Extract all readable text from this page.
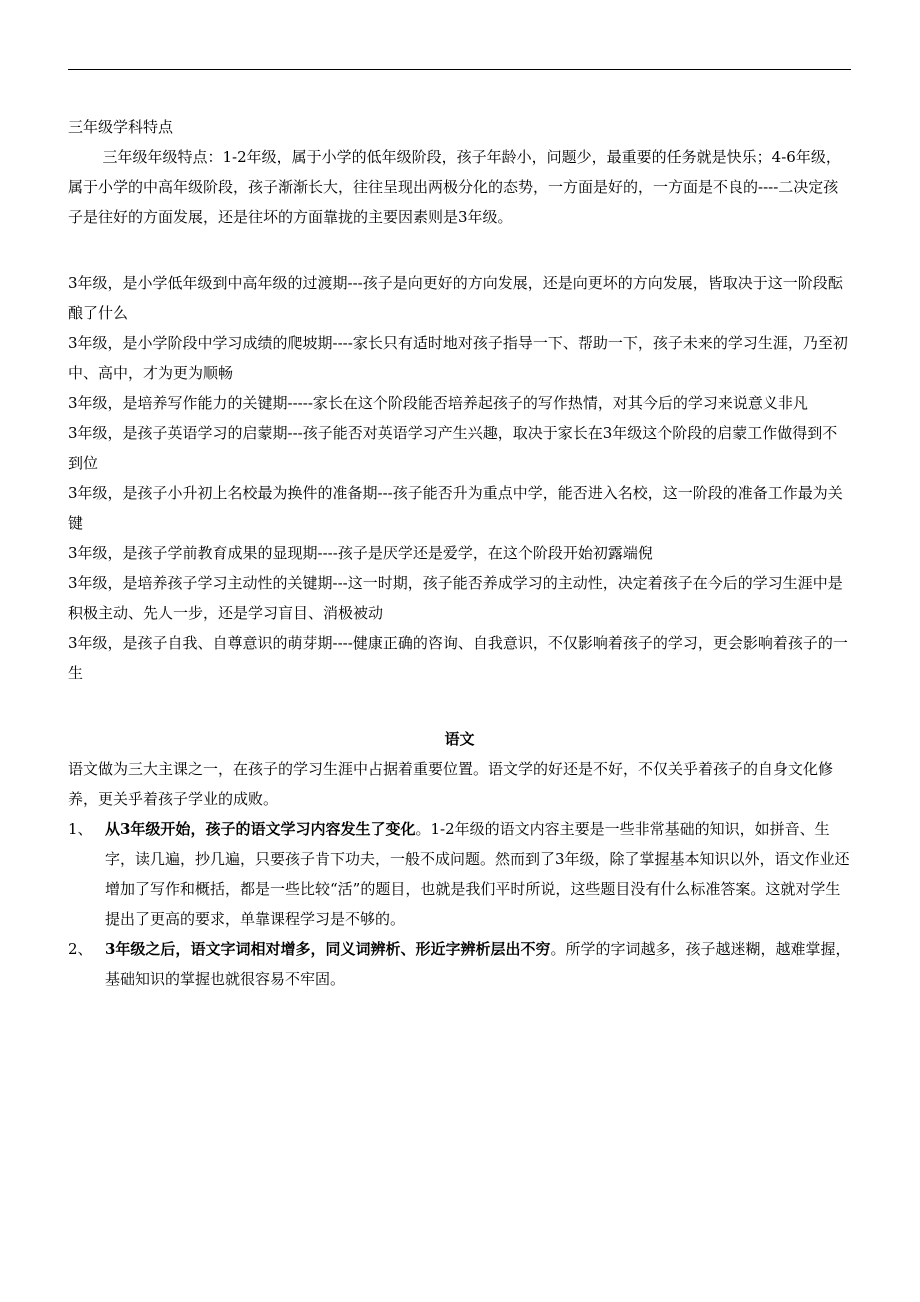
三年级学科特点

三年级年级特点：1-2年级，属于小学的低年级阶段，孩子年龄小，问题少，最重要的任务就是快乐；4-6年级，属于小学的中高年级阶段，孩子渐渐长大，往往呈现出两极分化的态势，一方面是好的，一方面是不良的----二决定孩子是往好的方面发展，还是往坏的方面靠拢的主要因素则是3年级。

3年级，是小学低年级到中高年级的过渡期---孩子是向更好的方向发展，还是向更坏的方向发展，皆取决于这一阶段酝酿了什么

3年级，是小学阶段中学习成绩的爬坡期----家长只有适时地对孩子指导一下、帮助一下，孩子未来的学习生涯，乃至初中、高中，才为更为顺畅

3年级，是培养写作能力的关键期-----家长在这个阶段能否培养起孩子的写作热情，对其今后的学习来说意义非凡

3年级，是孩子英语学习的启蒙期---孩子能否对英语学习产生兴趣，取决于家长在3年级这个阶段的启蒙工作做得到不到位

3年级，是孩子小升初上名校最为换件的准备期---孩子能否升为重点中学，能否进入名校，这一阶段的准备工作最为关键

3年级，是孩子学前教育成果的显现期----孩子是厌学还是爱学，在这个阶段开始初露端倪

3年级，是培养孩子学习主动性的关键期---这一时期，孩子能否养成学习的主动性，决定着孩子在今后的学习生涯中是积极主动、先人一步，还是学习盲目、消极被动

3年级，是孩子自我、自尊意识的萌芽期----健康正确的咨询、自我意识，不仅影响着孩子的学习，更会影响着孩子的一生

语文

语文做为三大主课之一，在孩子的学习生涯中占据着重要位置。语文学的好还是不好，不仅关乎着孩子的自身文化修养，更关乎着孩子学业的成败。

1、 从3年级开始，孩子的语文学习内容发生了变化。1-2年级的语文内容主要是一些非常基础的知识，如拼音、生字，读几遍，抄几遍，只要孩子肯下功夫，一般不成问题。然而到了3年级，除了掌握基本知识以外，语文作业还增加了写作和概括，都是一些比较“活”的题目，也就是我们平时所说，这些题目没有什么标准答案。这就对学生提出了更高的要求，单靠课程学习是不够的。

2、 3年级之后，语文字词相对增多，同义词辨析、形近字辨析层出不穷。所学的字词越多，孩子越迷糊，越难掌握，基础知识的掌握也就很容易不牢固。
